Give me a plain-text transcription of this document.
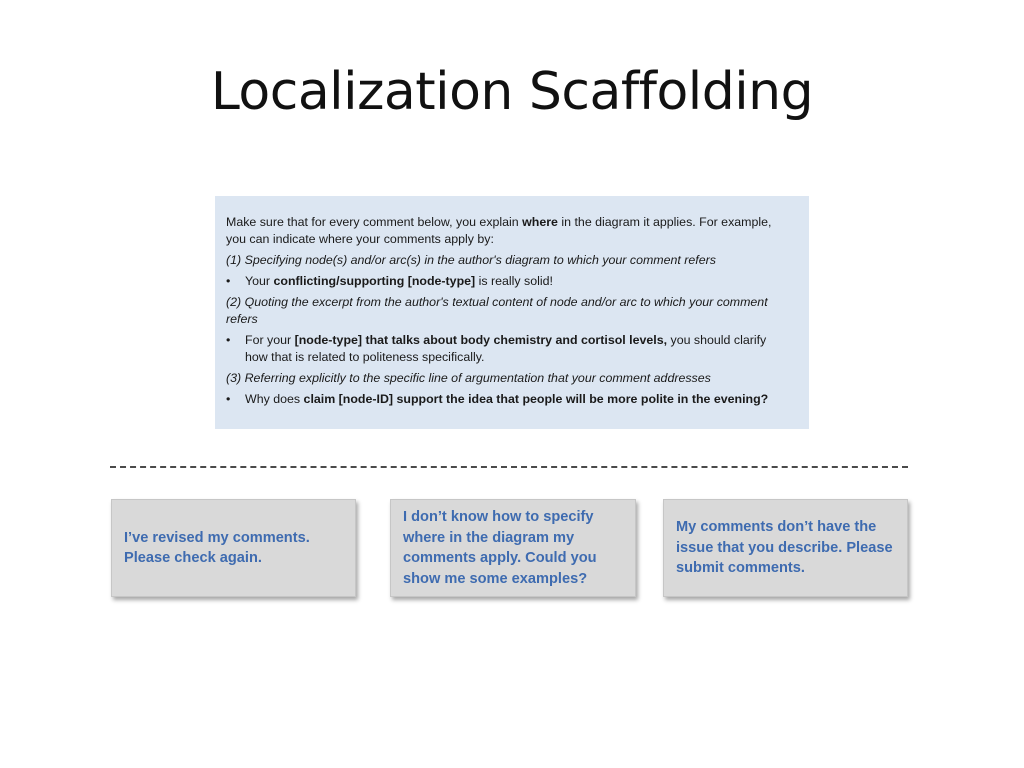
Localization Scaffolding

Make sure that for every comment below, you explain where in the diagram it applies. For example, you can indicate where your comments apply by:

(1) Specifying node(s) and/or arc(s) in the author's diagram to which your comment refers

• Your conflicting/supporting [node-type] is really solid!

(2) Quoting the excerpt from the author's textual content of node and/or arc to which your comment refers

• For your [node-type] that talks about body chemistry and cortisol levels, you should clarify how that is related to politeness specifically.

(3) Referring explicitly to the specific line of argumentation that your comment addresses

• Why does claim [node-ID] support the idea that people will be more polite in the evening?
I’ve revised my comments. Please check again.
I don’t know how to specify where in the diagram my comments apply. Could you show me some examples?
My comments don’t have the issue that you describe. Please submit comments.
